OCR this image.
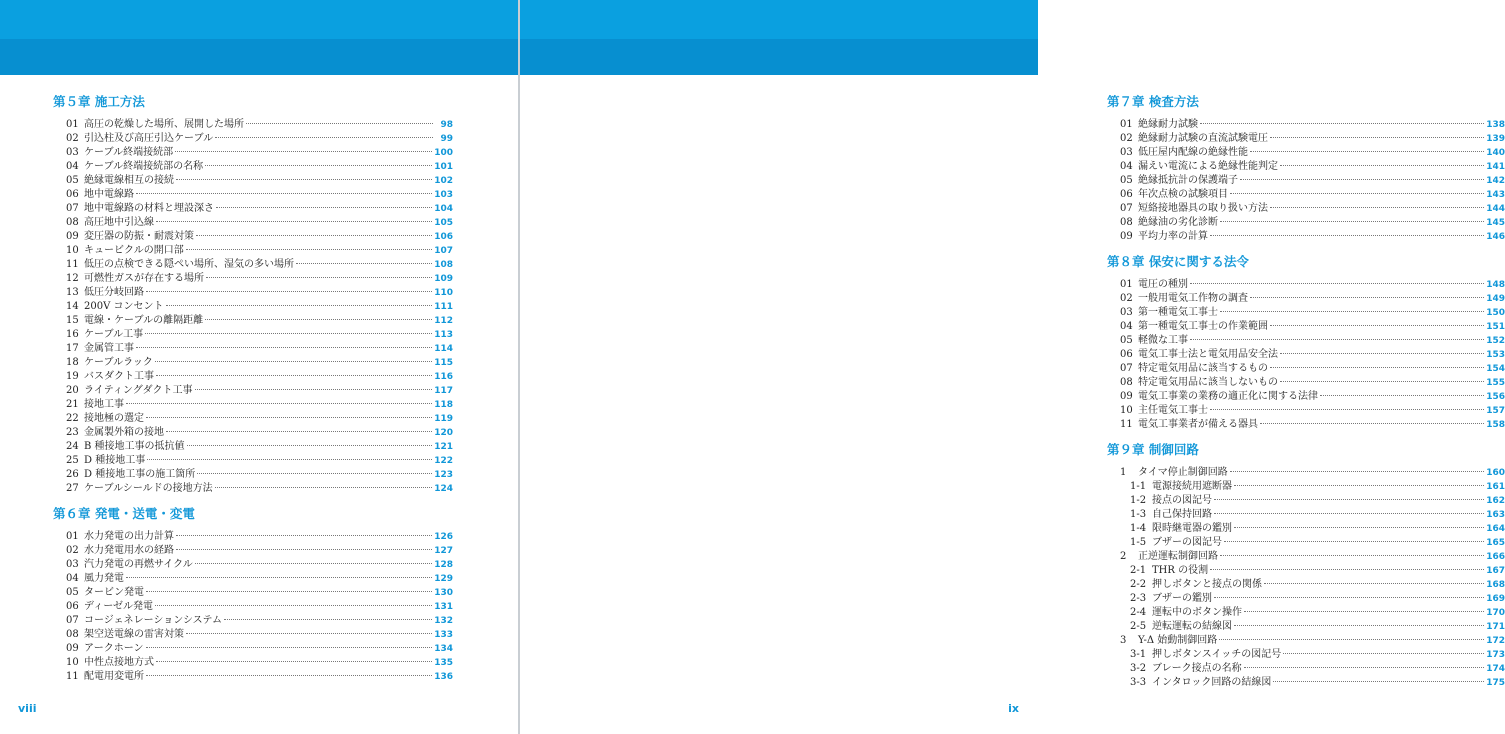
第５章 施工方法
01 高圧の乾燥した場所、展開した場所	98
02 引込柱及び高圧引込ケーブル	99
03 ケーブル終端接続部	100
04 ケーブル終端接続部の名称	101
05 絶縁電線相互の接続	102
06 地中電線路	103
07 地中電線路の材料と埋設深さ	104
08 高圧地中引込線	105
09 変圧器の防振・耐震対策	106
10 キュービクルの開口部	107
11 低圧の点検できる隠ぺい場所、湿気の多い場所	108
12 可燃性ガスが存在する場所	109
13 低圧分岐回路	110
14 200V コンセント	111
15 電線・ケーブルの離隔距離	112
16 ケーブル工事	113
17 金属管工事	114
18 ケーブルラック	115
19 バスダクト工事	116
20 ライティングダクト工事	117
21 接地工事	118
22 接地極の選定	119
23 金属製外箱の接地	120
24 B 種接地工事の抵抗値	121
25 D 種接地工事	122
26 D 種接地工事の施工箇所	123
27 ケーブルシールドの接地方法	124
第６章 発電・送電・変電
01 水力発電の出力計算	126
02 水力発電用水の経路	127
03 汽力発電の再燃サイクル	128
04 風力発電	129
05 タービン発電	130
06 ディーゼル発電	131
07 コージェネレーションシステム	132
08 架空送電線の雷害対策	133
09 アークホーン	134
10 中性点接地方式	135
11 配電用変電所	136
viii
第７章 検査方法
01 絶縁耐力試験	138
02 絶縁耐力試験の直流試験電圧	139
03 低圧屋内配線の絶縁性能	140
04 漏えい電流による絶縁性能判定	141
05 絶縁抵抗計の保護端子	142
06 年次点検の試験項目	143
07 短絡接地器具の取り扱い方法	144
08 絶縁油の劣化診断	145
09 平均力率の計算	146
第８章 保安に関する法令
01 電圧の種別	148
02 一般用電気工作物の調査	149
03 第一種電気工事士	150
04 第一種電気工事士の作業範囲	151
05 軽微な工事	152
06 電気工事士法と電気用品安全法	153
07 特定電気用品に該当するもの	154
08 特定電気用品に該当しないもの	155
09 電気工事業の業務の適正化に関する法律	156
10 主任電気工事士	157
11 電気工事業者が備える器具	158
第９章 制御回路
1	タイマ停止制御回路	160
1-1 電源接続用遮断器	161
1-2 接点の図記号	162
1-3 自己保持回路	163
1-4 限時継電器の鑑別	164
1-5 ブザーの図記号	165
2	正逆運転制御回路	166
2-1 THR の役割	167
2-2 押しボタンと接点の関係	168
2-3 ブザーの鑑別	169
2-4 運転中のボタン操作	170
2-5 逆転運転の結線図	171
3	Y-Δ 始動制御回路	172
3-1 押しボタンスイッチの図記号	173
3-2 ブレーク接点の名称	174
3-3 インタロック回路の結線図	175
ix
